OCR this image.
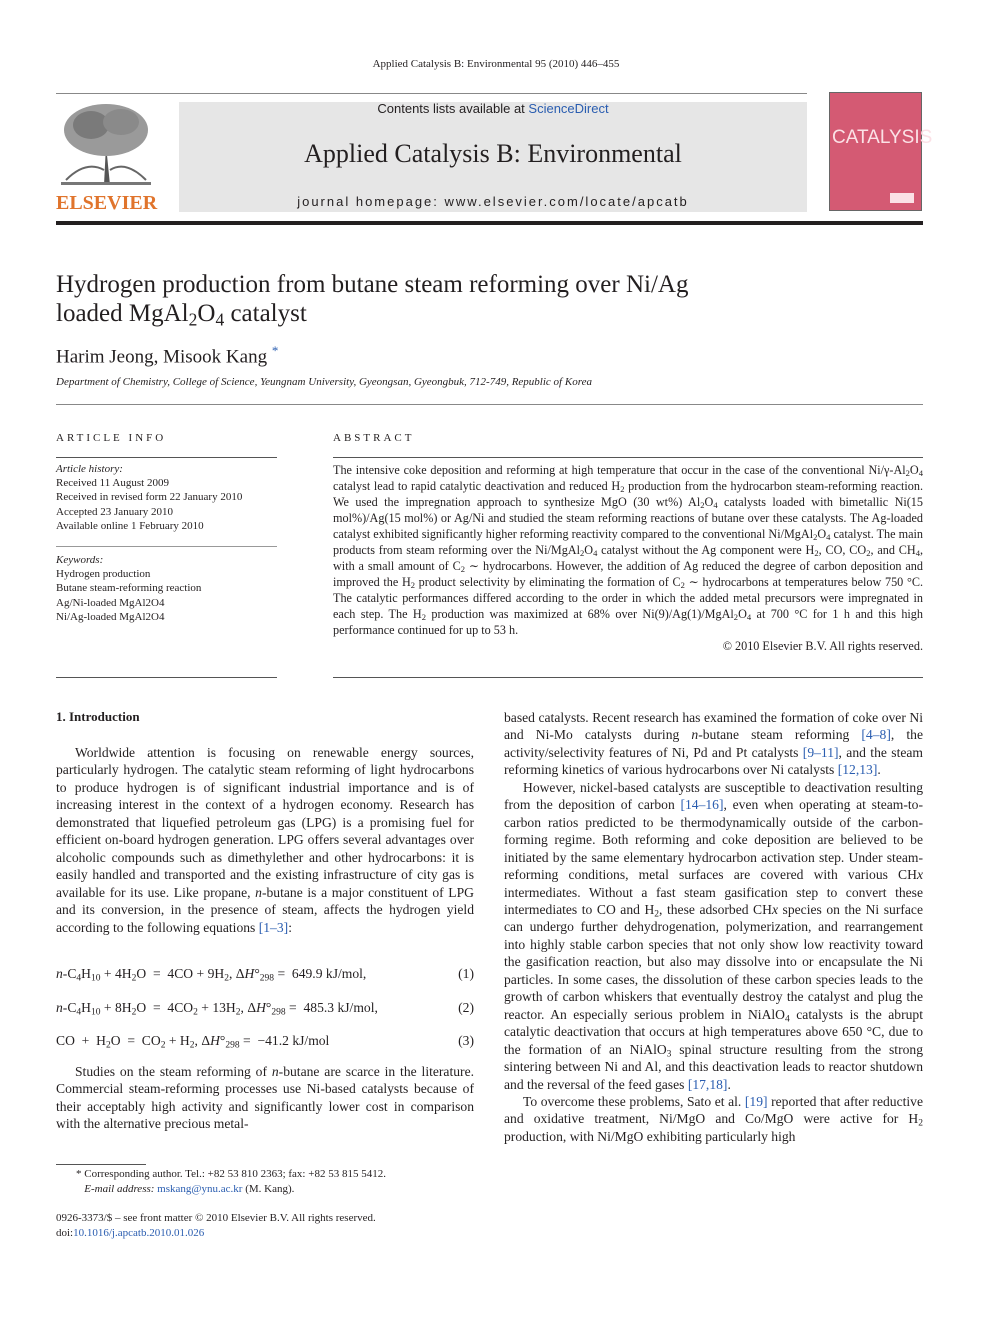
Applied Catalysis B: Environmental 95 (2010) 446–455
ELSEVIER
Contents lists available at ScienceDirect
Applied Catalysis B: Environmental
journal homepage: www.elsevier.com/locate/apcatb
CATALYSIS
Hydrogen production from butane steam reforming over Ni/Ag
loaded $MgAl_2O_4$ catalyst
Harim Jeong, Misook Kang *
Department of Chemistry, College of Science, Yeungnam University, Gyeongsan, Gyeongbuk, 712-749, Republic of Korea
ARTICLE INFO	ABSTRACT
Article history:
Received 11 August 2009
Received in revised form 22 January 2010
Accepted 23 January 2010
Available online 1 February 2010
Keywords:
Hydrogen production
Butane steam-reforming reaction
Ag/Ni-loaded MgAl2O4
Ni/Ag-loaded MgAl2O4
The intensive coke deposition and reforming at high temperature that occur in the case of the conventional $Ni/\gamma-Al_2O_4$ catalyst lead to rapid catalytic deactivation and reduced $H_2$ production from the hydrocarbon steam-reforming reaction. We used the impregnation approach to synthesize MgO (30 wt%) $Al_2O_4$ catalysts loaded with bimetallic Ni(15 mol%)/Ag(15 mol%) or Ag/Ni and studied the steam reforming reactions of butane over these catalysts. The Ag-loaded catalyst exhibited significantly higher reforming reactivity compared to the conventional $Ni/MgAl_2O_4$ catalyst. The main products from steam reforming over the $Ni/MgAl_2O_4$ catalyst without the Ag component were $H_2$, CO, $CO_2$, and $CH_4$, with a small amount of $C_2$ ∼ hydrocarbons. However, the addition of Ag reduced the degree of carbon deposition and improved the $H_2$ product selectivity by eliminating the formation of $C_2$ ∼ hydrocarbons at temperatures below 750 °C. The catalytic performances differed according to the order in which the added metal precursors were impregnated in each step. The $H_2$ production was maximized at 68% over $Ni(9)/Ag(1)/MgAl_2O_4$ at 700 °C for 1 h and this high performance continued for up to 53 h.
© 2010 Elsevier B.V. All rights reserved.
1. Introduction

Worldwide attention is focusing on renewable energy sources, particularly hydrogen. The catalytic steam reforming of light hydrocarbons to produce hydrogen is of significant industrial importance and is of increasing interest in the context of a hydrogen economy. Research has demonstrated that liquefied petroleum gas (LPG) is a promising fuel for efficient on-board hydrogen generation. LPG offers several advantages over alcoholic compounds such as dimethylether and other hydrocarbons: it is easily handled and transported and the existing infrastructure of city gas is available for its use. Like propane, n-butane is a major constituent of LPG and its conversion, in the presence of steam, affects the hydrogen yield according to the following equations [1–3]:

$n-C_4H_{10} + 4H_2O = 4CO + 9H_2$, $\Delta H^\circ_{298} = 649.9$ kJ/mol,	(1)
$n-C_4H_{10} + 8H_2O = 4CO_2 + 13H_2$, $\Delta H^\circ_{298} = 485.3$ kJ/mol,	(2)
CO  +  $H_2O = CO_2 + H_2$, $\Delta H^\circ_{298} = -41.2$ kJ/mol	(3)

Studies on the steam reforming of n-butane are scarce in the literature. Commercial steam-reforming processes use Ni-based catalysts because of their acceptably high activity and significantly lower cost in comparison with the alternative precious metal-

based catalysts. Recent research has examined the formation of coke over Ni and Ni-Mo catalysts during n-butane steam reforming [4–8], the activity/selectivity features of Ni, Pd and Pt catalysts [9–11], and the steam reforming kinetics of various hydrocarbons over Ni catalysts [12,13].

However, nickel-based catalysts are susceptible to deactivation resulting from the deposition of carbon [14–16], even when operating at steam-to-carbon ratios predicted to be thermodynamically outside of the carbon-forming regime. Both reforming and coke deposition are believed to be initiated by the same elementary hydrocarbon activation step. Under steam-reforming conditions, metal surfaces are covered with various CHx intermediates. Without a fast steam gasification step to convert these intermediates to CO and $H_2$, these adsorbed CHx species on the Ni surface can undergo further dehydrogenation, polymerization, and rearrangement into highly stable carbon species that not only show low reactivity toward the gasification reaction, but also may dissolve into or encapsulate the Ni particles. In some cases, the dissolution of these carbon species leads to the growth of carbon whiskers that eventually destroy the catalyst and plug the reactor. An especially serious problem in NiAlO$_4$ catalysts is the abrupt catalytic deactivation that occurs at high temperatures above 650 °C, due to the formation of an NiAlO$_3$ spinal structure resulting from the strong sintering between Ni and Al, and this deactivation leads to reactor shutdown and the reversal of the feed gases [17,18].

To overcome these problems, Sato et al. [19] reported that after reductive and oxidative treatment, Ni/MgO and Co/MgO were active for $H_2$ production, with Ni/MgO exhibiting particularly high

* Corresponding author. Tel.: +82 53 810 2363; fax: +82 53 815 5412.
E-mail address: mskang@ynu.ac.kr (M. Kang).
0926-3373/$ – see front matter © 2010 Elsevier B.V. All rights reserved.
doi:10.1016/j.apcatb.2010.01.026
